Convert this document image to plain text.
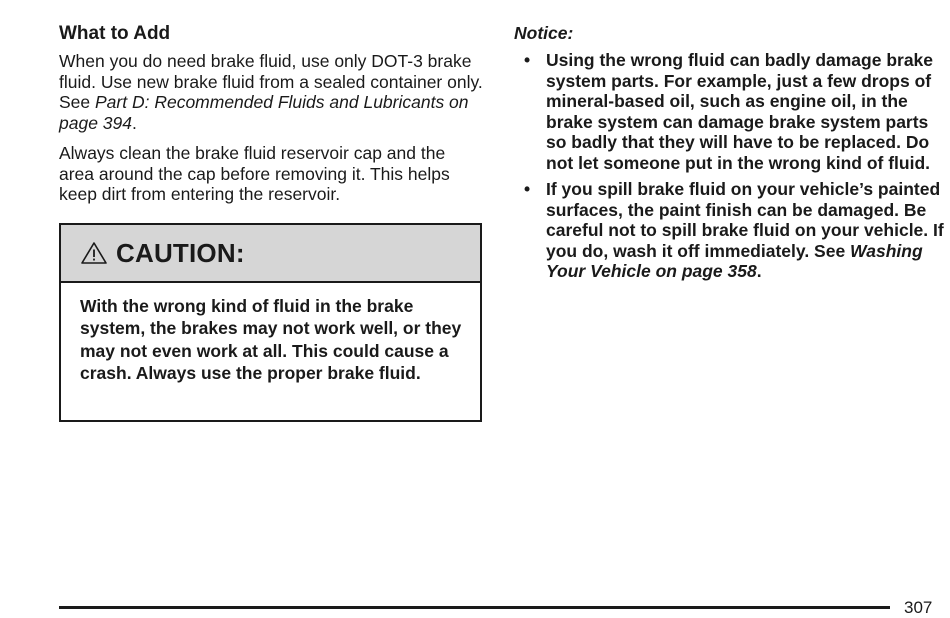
What to Add

When you do need brake fluid, use only DOT-3 brake fluid. Use new brake fluid from a sealed container only. See Part D: Recommended Fluids and Lubricants on page 394.

Always clean the brake fluid reservoir cap and the area around the cap before removing it. This helps keep dirt from entering the reservoir.

CAUTION:
With the wrong kind of fluid in the brake system, the brakes may not work well, or they may not even work at all. This could cause a crash. Always use the proper brake fluid.
Notice:
• Using the wrong fluid can badly damage brake system parts. For example, just a few drops of mineral-based oil, such as engine oil, in the brake system can damage brake system parts so badly that they will have to be replaced. Do not let someone put in the wrong kind of fluid.
• If you spill brake fluid on your vehicle’s painted surfaces, the paint finish can be damaged. Be careful not to spill brake fluid on your vehicle. If you do, wash it off immediately. See Washing Your Vehicle on page 358.
307
